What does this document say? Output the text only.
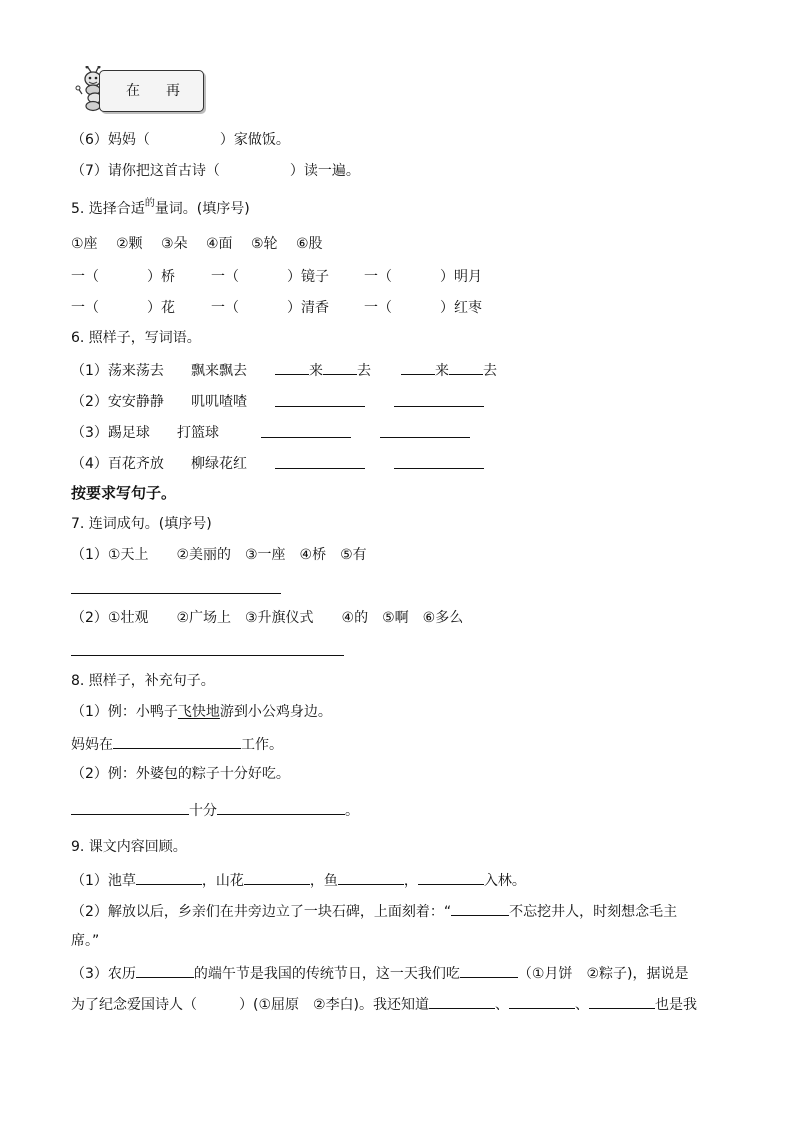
在 再
（6）妈妈（　　　　　）家做饭。
（7）请你把这首古诗（　　　　　）读一遍。
5. 选择合适$^的$量词。(填序号)
①座　 ②颗　 ③朵　 ④面　 ⑤轮　 ⑥股
一（	）桥	一（	）镜子	一（	）明月
一（	）花	一（	）清香	一（	）红枣
6. 照样子，写词语。
（1）荡来荡去 飘来飘去	来 去	来 去
（2）安安静静 叽叽喳喳
（3）踢足球 打篮球
（4）百花齐放 柳绿花红
按要求写句子。
7. 连词成句。(填序号)
（1）①天上　　②美丽的　③一座　④桥　⑤有
（2）①壮观　　②广场上　③升旗仪式　　④的　⑤啊　⑥多么
8. 照样子，补充句子。
（1）例：小鸭子飞快地游到小公鸡身边。
妈妈在	工作。
（2）例：外婆包的粽子十分好吃。
十分	。
9. 课文内容回顾。
（1）池草	，山花	，鱼	，	入林。
（2）解放以后，乡亲们在井旁边立了一块石碑，上面刻着：“	不忘挖井人，时刻想念毛主
席。”
（3）农历	的端午节是我国的传统节日，这一天我们吃	（①月饼　②粽子)，据说是
为了纪念爱国诗人（　　　）(①屈原　②李白)。我还知道	、	、	也是我
